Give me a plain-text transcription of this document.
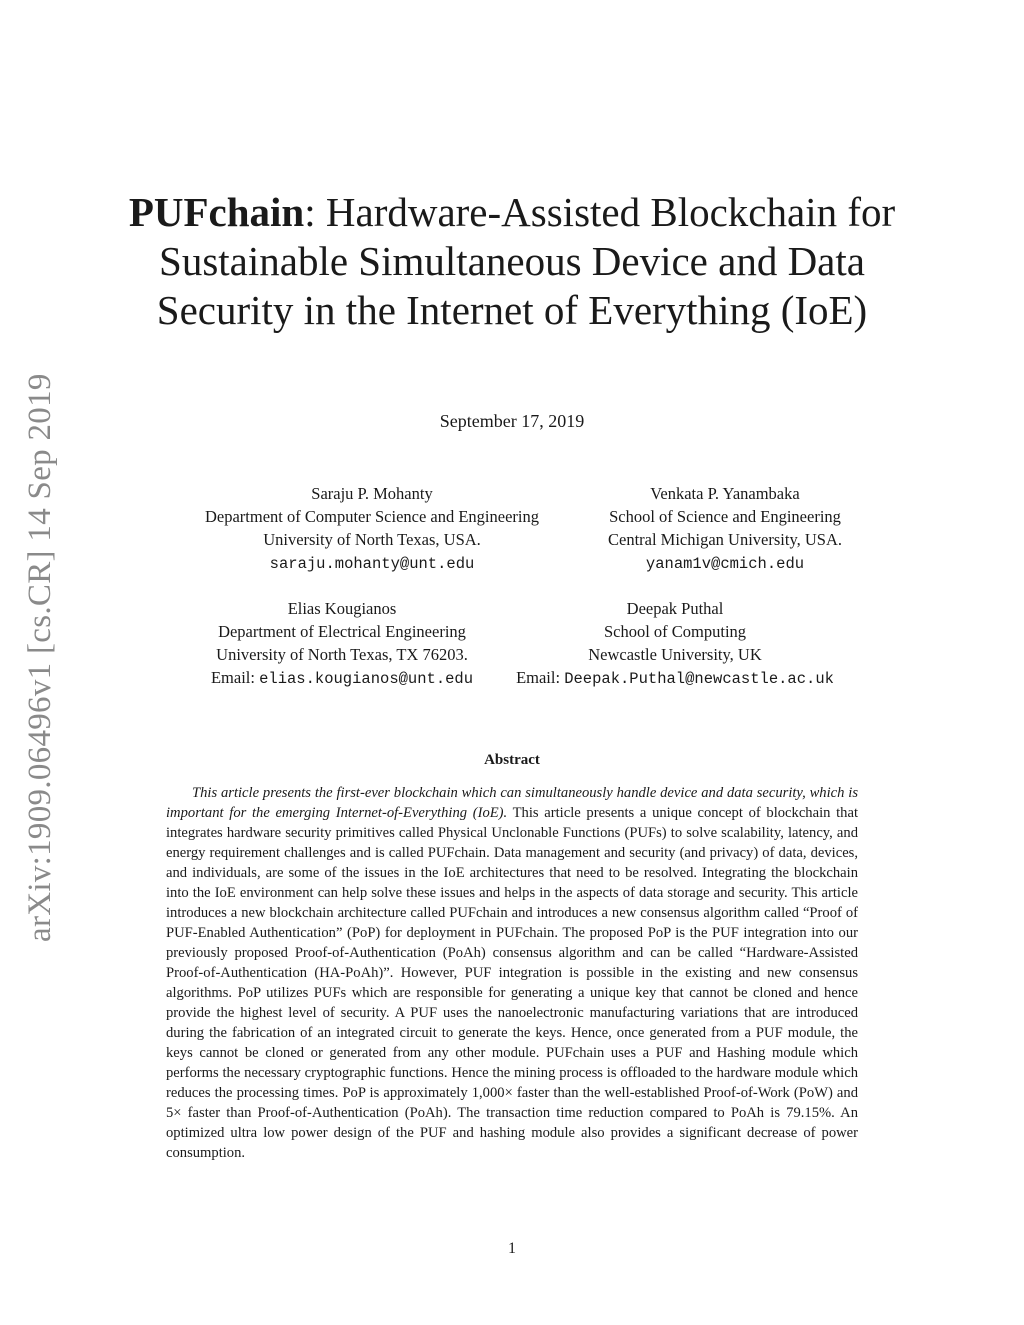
arXiv:1909.06496v1 [cs.CR] 14 Sep 2019
PUFchain: Hardware-Assisted Blockchain for Sustainable Simultaneous Device and Data Security in the Internet of Everything (IoE)
September 17, 2019
Saraju P. Mohanty
Department of Computer Science and Engineering
University of North Texas, USA.
saraju.mohanty@unt.edu
Venkata P. Yanambaka
School of Science and Engineering
Central Michigan University, USA.
yanam1v@cmich.edu
Elias Kougianos
Department of Electrical Engineering
University of North Texas, TX 76203.
Email: elias.kougianos@unt.edu
Deepak Puthal
School of Computing
Newcastle University, UK
Email: Deepak.Puthal@newcastle.ac.uk
Abstract

This article presents the first-ever blockchain which can simultaneously handle device and data security, which is important for the emerging Internet-of-Everything (IoE). This article presents a unique concept of blockchain that integrates hardware security primitives called Physical Unclonable Functions (PUFs) to solve scalability, latency, and energy requirement challenges and is called PUFchain. Data management and security (and privacy) of data, devices, and individuals, are some of the issues in the IoE architectures that need to be resolved. Integrating the blockchain into the IoE environment can help solve these issues and helps in the aspects of data storage and security. This article introduces a new blockchain architecture called PUFchain and introduces a new consensus algorithm called “Proof of PUF-Enabled Authentication” (PoP) for deployment in PUFchain. The proposed PoP is the PUF integration into our previously proposed Proof-of-Authentication (PoAh) consensus algorithm and can be called “Hardware-Assisted Proof-of-Authentication (HA-PoAh)”. However, PUF integration is possible in the existing and new consensus algorithms. PoP utilizes PUFs which are responsible for generating a unique key that cannot be cloned and hence provide the highest level of security. A PUF uses the nanoelectronic manufacturing variations that are introduced during the fabrication of an integrated circuit to generate the keys. Hence, once generated from a PUF module, the keys cannot be cloned or generated from any other module. PUFchain uses a PUF and Hashing module which performs the necessary cryptographic functions. Hence the mining process is offloaded to the hardware module which reduces the processing times. PoP is approximately 1,000× faster than the well-established Proof-of-Work (PoW) and 5× faster than Proof-of-Authentication (PoAh). The transaction time reduction compared to PoAh is 79.15%. An optimized ultra low power design of the PUF and hashing module also provides a significant decrease of power consumption.

1
